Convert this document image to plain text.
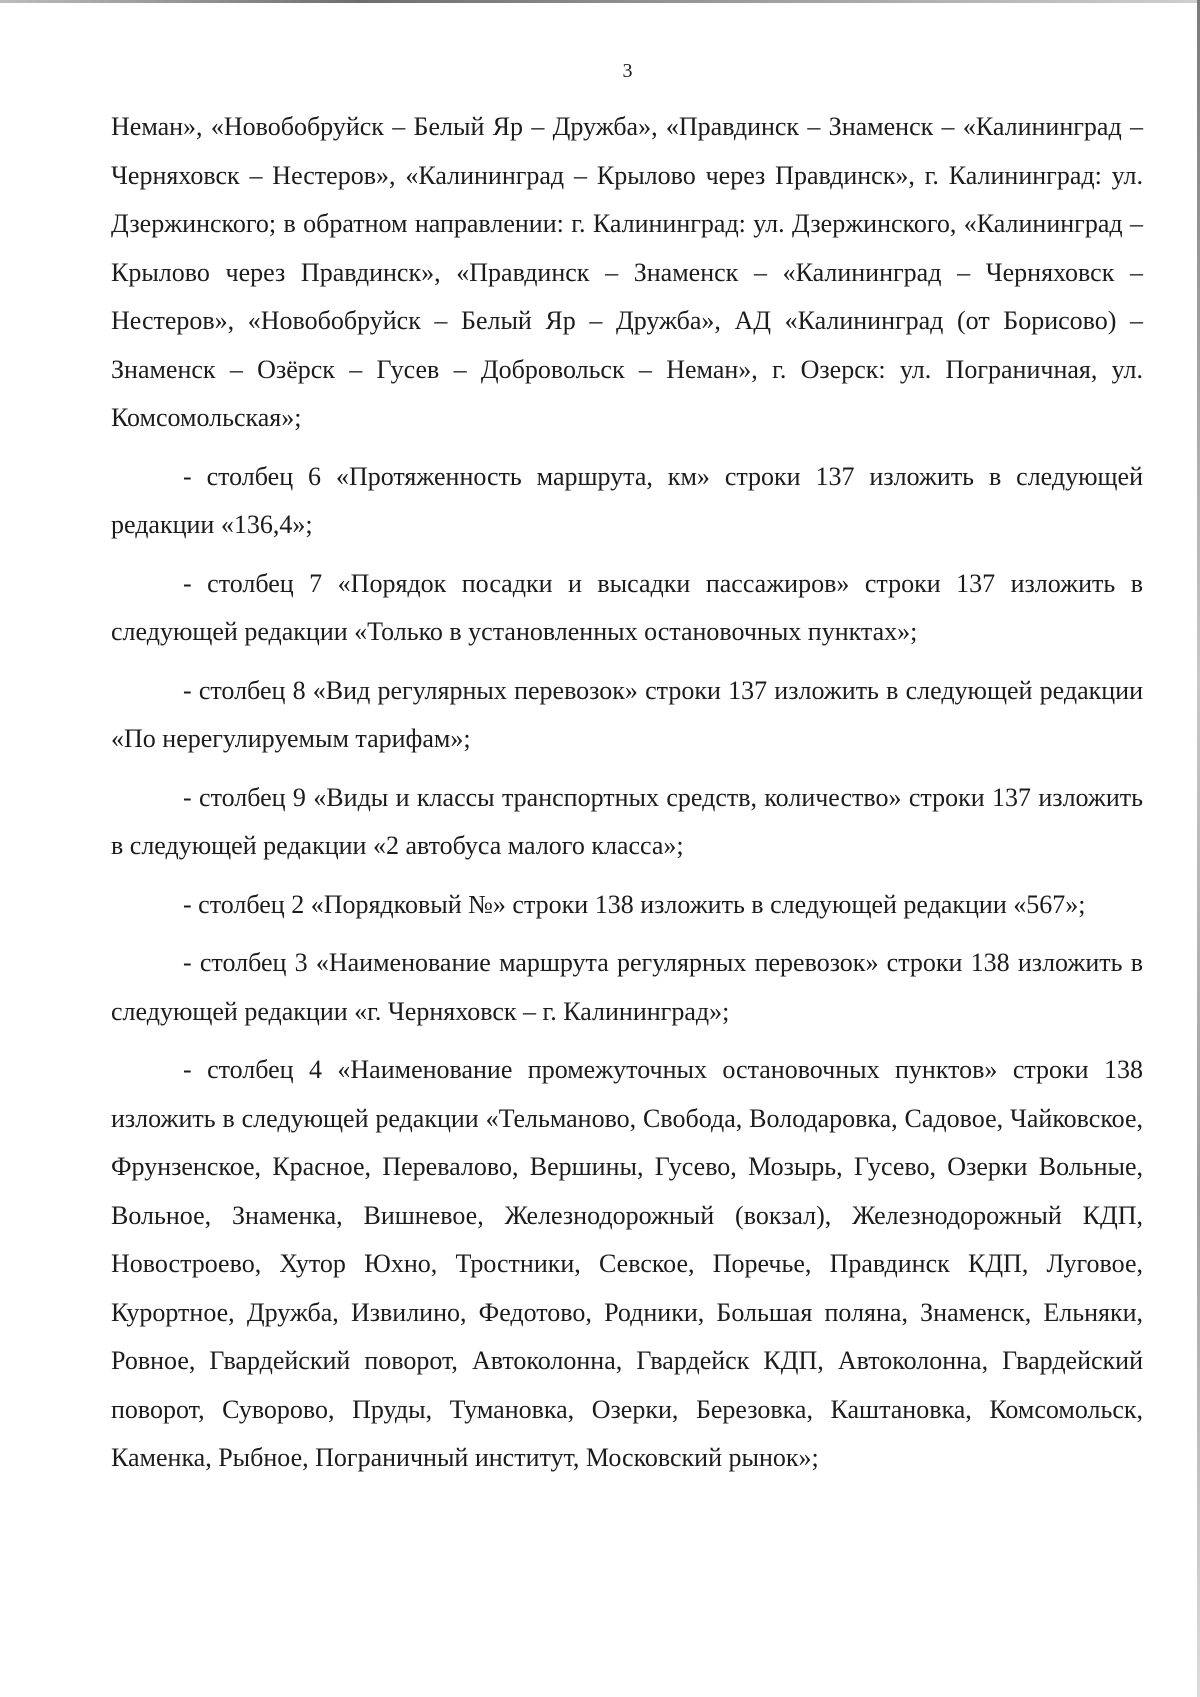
3

Неман», «Новобобруйск – Белый Яр – Дружба», «Правдинск – Знаменск – «Калининград – Черняховск – Нестеров», «Калининград – Крылово через Правдинск», г. Калининград: ул. Дзержинского; в обратном направлении: г. Калининград: ул. Дзержинского, «Калининград – Крылово через Правдинск», «Правдинск – Знаменск – «Калининград – Черняховск – Нестеров», «Новобобруйск – Белый Яр – Дружба», АД «Калининград (от Борисово) – Знаменск – Озёрск – Гусев – Добровольск – Неман», г. Озерск: ул. Пограничная, ул. Комсомольская»;

- столбец 6 «Протяженность маршрута, км» строки 137 изложить в следующей редакции «136,4»;

- столбец 7 «Порядок посадки и высадки пассажиров» строки 137 изложить в следующей редакции «Только в установленных остановочных пунктах»;

- столбец 8 «Вид регулярных перевозок» строки 137 изложить в следующей редакции «По нерегулируемым тарифам»;

- столбец 9 «Виды и классы транспортных средств, количество» строки 137 изложить в следующей редакции «2 автобуса малого класса»;

- столбец 2 «Порядковый №» строки 138 изложить в следующей редакции «567»;

- столбец 3 «Наименование маршрута регулярных перевозок» строки 138 изложить в следующей редакции «г. Черняховск – г. Калининград»;

- столбец 4 «Наименование промежуточных остановочных пунктов» строки 138 изложить в следующей редакции «Тельманово, Свобода, Володаровка, Садовое, Чайковское, Фрунзенское, Красное, Перевалово, Вершины, Гусево, Мозырь, Гусево, Озерки Вольные, Вольное, Знаменка, Вишневое, Железнодорожный (вокзал), Железнодорожный КДП, Новостроево, Хутор Юхно, Тростники, Севское, Поречье, Правдинск КДП, Луговое, Курортное, Дружба, Извилино, Федотово, Родники, Большая поляна, Знаменск, Ельняки, Ровное, Гвардейский поворот, Автоколонна, Гвардейск КДП, Автоколонна, Гвардейский поворот, Суворово, Пруды, Тумановка, Озерки, Березовка, Каштановка, Комсомольск, Каменка, Рыбное, Пограничный институт, Московский рынок»;
